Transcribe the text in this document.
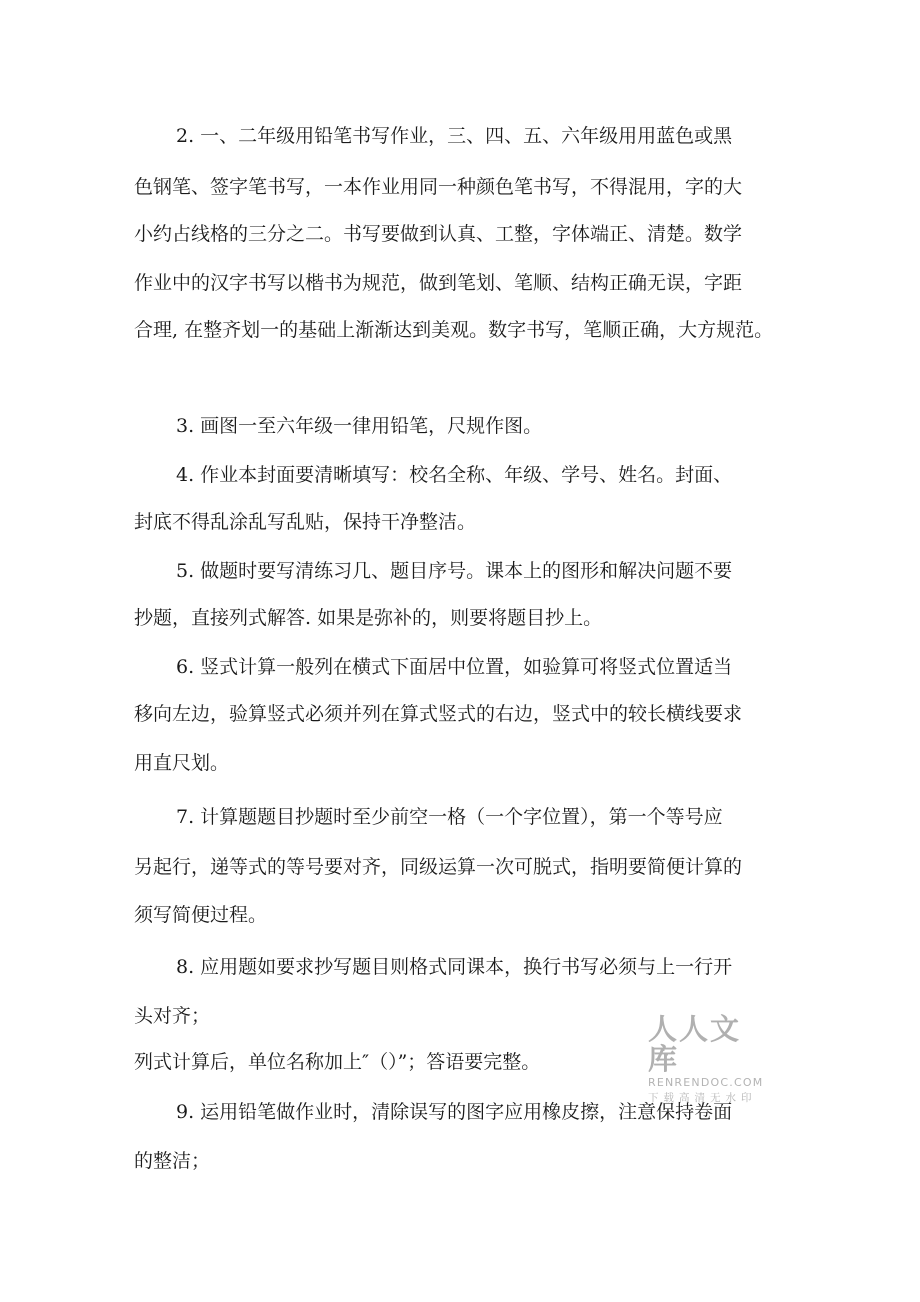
2. 一、二年级用铅笔书写作业，三、四、五、六年级用用蓝色或黑
色钢笔、签字笔书写，一本作业用同一种颜色笔书写，不得混用，字的大
小约占线格的三分之二。书写要做到认真、工整，字体端正、清楚。数学
作业中的汉字书写以楷书为规范，做到笔划、笔顺、结构正确无误，字距
合理, 在整齐划一的基础上渐渐达到美观。数字书写，笔顺正确，大方规范。
3. 画图一至六年级一律用铅笔，尺规作图。
4. 作业本封面要清晰填写：校名全称、年级、学号、姓名。封面、
封底不得乱涂乱写乱贴，保持干净整洁。
5. 做题时要写清练习几、题目序号。课本上的图形和解决问题不要
抄题，直接列式解答. 如果是弥补的，则要将题目抄上。
6. 竖式计算一般列在横式下面居中位置，如验算可将竖式位置适当
移向左边，验算竖式必须并列在算式竖式的右边，竖式中的较长横线要求
用直尺划。
7. 计算题题目抄题时至少前空一格（一个字位置），第一个等号应
另起行，递等式的等号要对齐，同级运算一次可脱式，指明要简便计算的
须写简便过程。
8. 应用题如要求抄写题目则格式同课本，换行书写必须与上一行开
头对齐；
列式计算后，单位名称加上″（）”；答语要完整。
9. 运用铅笔做作业时，清除误写的图字应用橡皮擦，注意保持卷面
的整洁；
人人文库
RENRENDOC.COM
下载高清无水印
